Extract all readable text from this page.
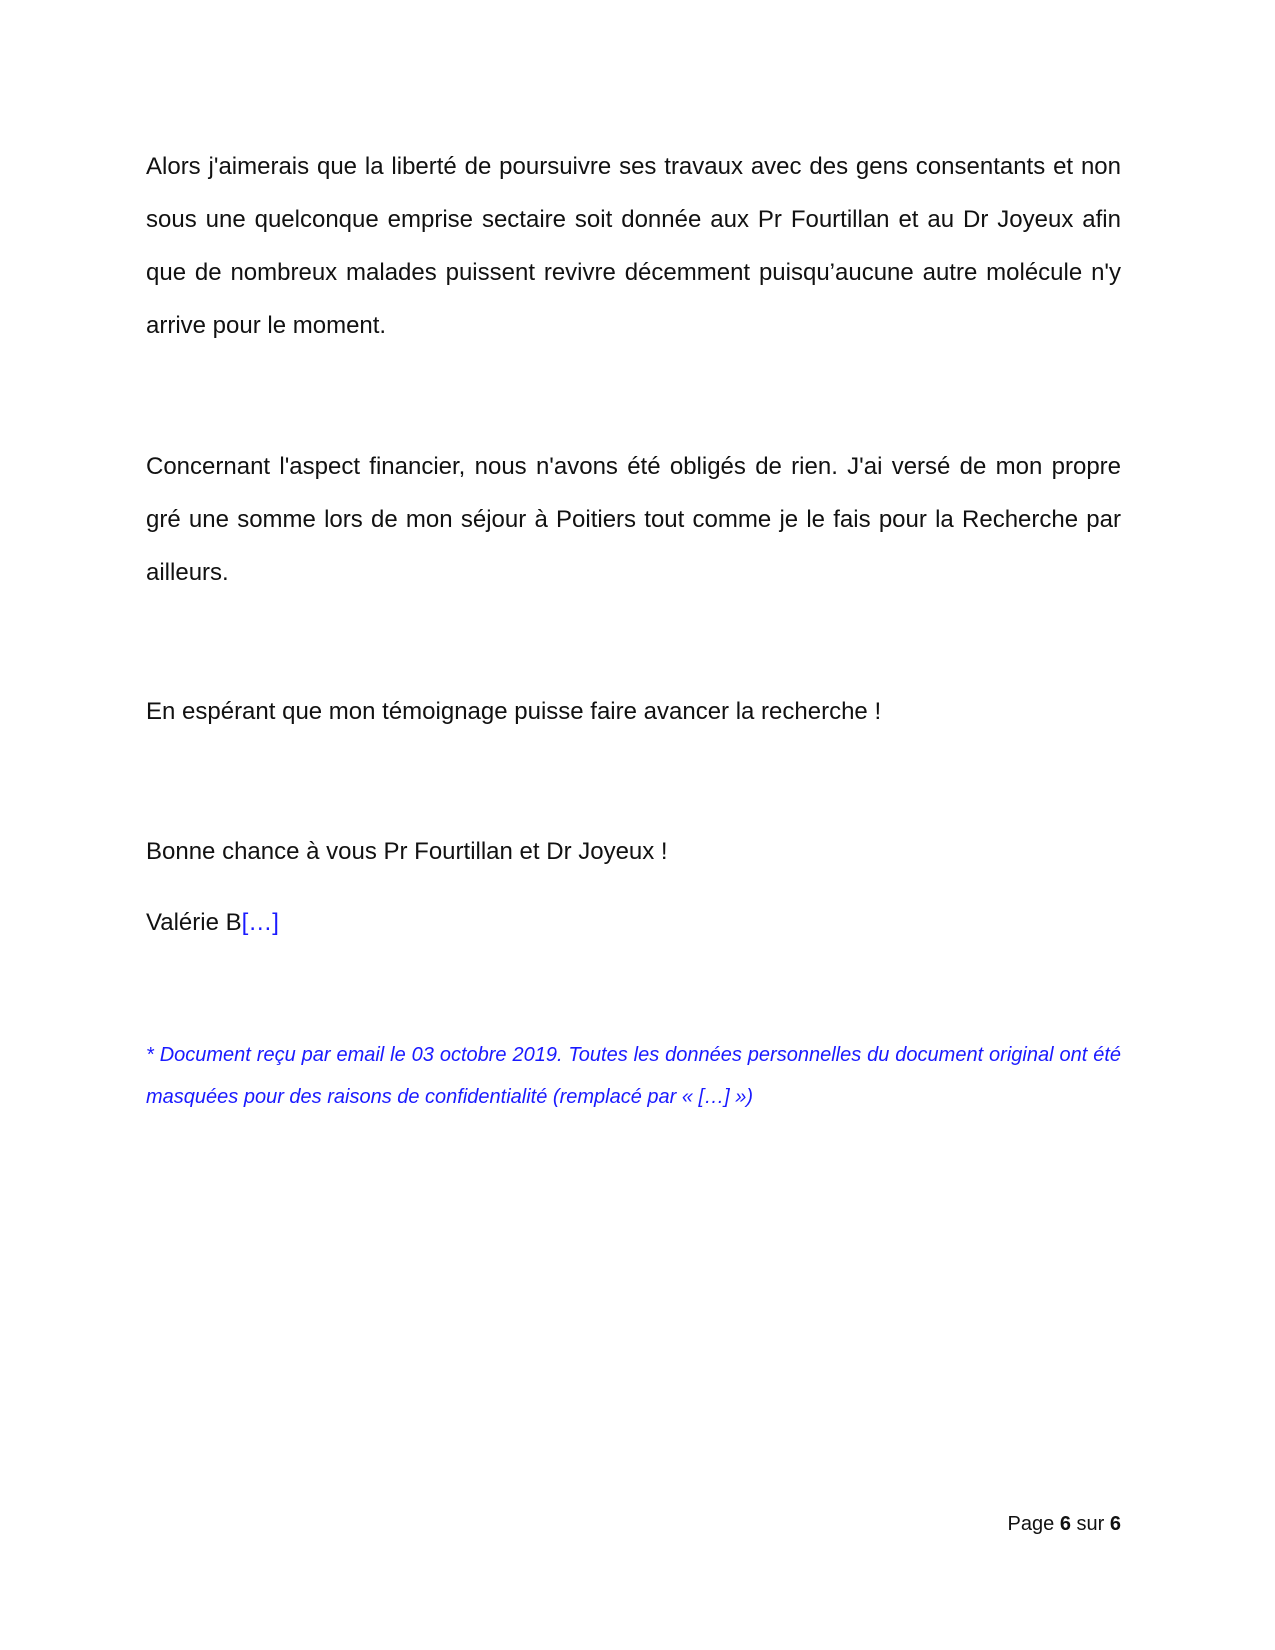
Alors j'aimerais que la liberté de poursuivre ses travaux avec des gens consentants et non sous une quelconque emprise sectaire soit donnée aux Pr Fourtillan et au Dr Joyeux afin que de nombreux malades puissent revivre décemment puisqu’aucune autre molécule n'y arrive pour le moment.

Concernant l'aspect financier, nous n'avons été obligés de rien. J'ai versé de mon propre gré une somme lors de mon séjour à Poitiers tout comme je le fais pour la Recherche par ailleurs.

En espérant que mon témoignage puisse faire avancer la recherche !

Bonne chance à vous Pr Fourtillan et Dr Joyeux !

Valérie B[…]

* Document reçu par email le 03 octobre 2019. Toutes les données personnelles du document original ont été masquées pour des raisons de confidentialité (remplacé par « […] »)

Page 6 sur 6
